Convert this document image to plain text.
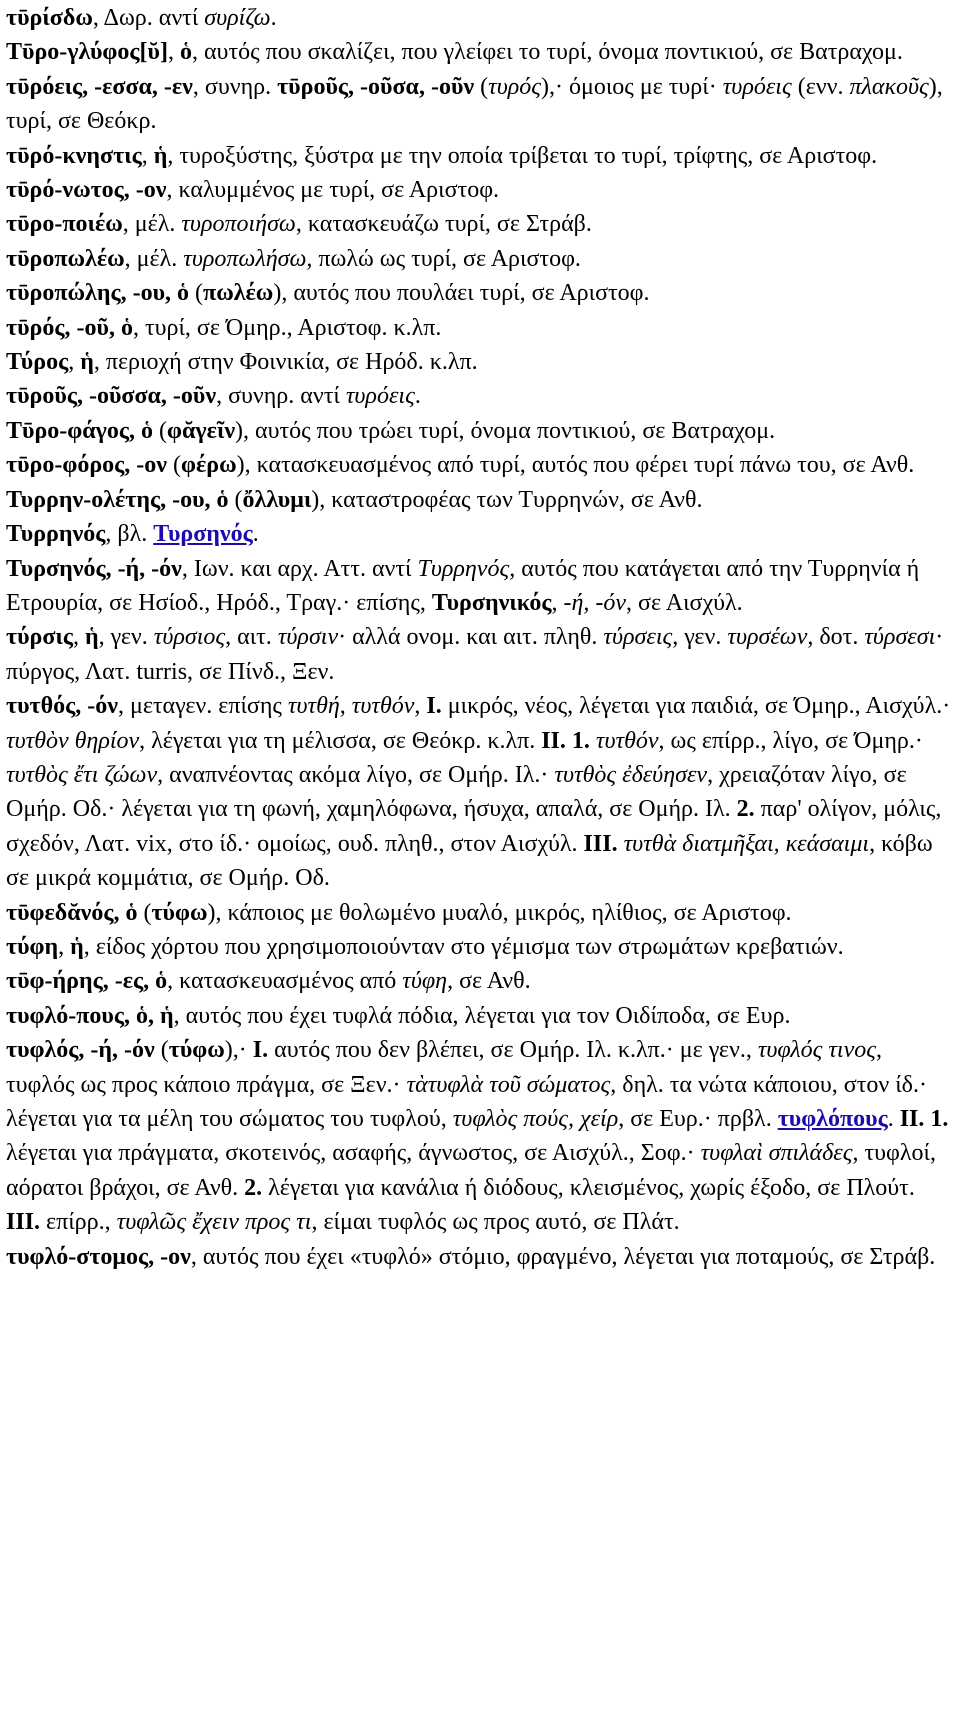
τῡρίσδω, Δωρ. αντί συρίζω.

Τῡρο-γλύφος[ῠ], ὁ, αυτός που σκαλίζει, που γλείφει το τυρί, όνομα ποντικιού, σε Βατραχομ.

τῡρόεις, -εσσα, -εν, συνηρ. τῡροῦς, -οῦσα, -οῦν (τυρός),· όμοιος με τυρί· τυρόεις (ενν. πλακοῦς), τυρί, σε Θεόκρ.

τῡρό-κνηστις, ἡ, τυροξύστης, ξύστρα με την οποία τρίβεται το τυρί, τρίφτης, σε Αριστοφ.

τῡρό-νωτος, -ον, καλυμμένος με τυρί, σε Αριστοφ.

τῡρο-ποιέω, μέλ. τυροποιήσω, κατασκευάζω τυρί, σε Στράβ.

τῡροπωλέω, μέλ. τυροπωλήσω, πωλώ ως τυρί, σε Αριστοφ.

τῡροπώλης, -ου, ὁ (πωλέω), αυτός που πουλάει τυρί, σε Αριστοφ.

τῡρός, -οῦ, ὁ, τυρί, σε Όμηρ., Αριστοφ. κ.λπ.

Τύρος, ἡ, περιοχή στην Φοινικία, σε Ηρόδ. κ.λπ.

τῡροῦς, -οῦσσα, -οῦν, συνηρ. αντί τυρόεις.

Τῡρο-φάγος, ὁ (φᾰγεῖν), αυτός που τρώει τυρί, όνομα ποντικιού, σε Βατραχομ.

τῡρο-φόρος, -ον (φέρω), κατασκευασμένος από τυρί, αυτός που φέρει τυρί πάνω του, σε Ανθ.

Τυρρην-ολέτης, -ου, ὁ (ὄλλυμι), καταστροφέας των Τυρρηνών, σε Ανθ.

Τυρρηνός, βλ. Τυρσηνός.

Τυρσηνός, -ή, -όν, Ιων. και αρχ. Αττ. αντί Τυρρηνός, αυτός που κατάγεται από την Τυρρηνία ή Ετρουρία, σε Ησίοδ., Ηρόδ., Τραγ.· επίσης, Τυρσηνικός, -ή, -όν, σε Αισχύλ.

τύρσις, ἡ, γεν. τύρσιος, αιτ. τύρσιν· αλλά ονομ. και αιτ. πληθ. τύρσεις, γεν. τυρσέων, δοτ. τύρσεσι· πύργος, Λατ. turris, σε Πίνδ., Ξεν.

τυτθός, -όν, μεταγεν. επίσης τυτθή, τυτθόν, I. μικρός, νέος, λέγεται για παιδιά, σε Όμηρ., Αισχύλ.· τυτθὸν θηρίον, λέγεται για τη μέλισσα, σε Θεόκρ. κ.λπ. II. 1. τυτθόν, ως επίρρ., λίγο, σε Όμηρ.· τυτθὸς ἔτι ζώων, αναπνέοντας ακόμα λίγο, σε Ομήρ. Ιλ.· τυτθὸς ἐδεύησεν, χρειαζόταν λίγο, σε Ομήρ. Οδ.· λέγεται για τη φωνή, χαμηλόφωνα, ήσυχα, απαλά, σε Ομήρ. Ιλ. 2. παρ' ολίγον, μόλις, σχεδόν, Λατ. vix, στο ίδ.· ομοίως, ουδ. πληθ., στον Αισχύλ. III. τυτθὰ διατμῆξαι, κεάσαιμι, κόβω σε μικρά κομμάτια, σε Ομήρ. Οδ.

τῡφεδᾰνός, ὁ (τύφω), κάποιος με θολωμένο μυαλό, μικρός, ηλίθιος, σε Αριστοφ.

τύφη, ἡ, είδος χόρτου που χρησιμοποιούνταν στο γέμισμα των στρωμάτων κρεβατιών.

τῡφ-ήρης, -ες, ὁ, κατασκευασμένος από τύφη, σε Ανθ.

τυφλό-πους, ὁ, ἡ, αυτός που έχει τυφλά πόδια, λέγεται για τον Οιδίποδα, σε Ευρ.

τυφλός, -ή, -όν (τύφω),· I. αυτός που δεν βλέπει, σε Ομήρ. Ιλ. κ.λπ.· με γεν., τυφλός τινος, τυφλός ως προς κάποιο πράγμα, σε Ξεν.· τὰτυφλὰ τοῦ σώματος, δηλ. τα νώτα κάποιου, στον ίδ.· λέγεται για τα μέλη του σώματος του τυφλού, τυφλὸς πούς, χείρ, σε Ευρ.· πρβλ. τυφλόπους. II. 1. λέγεται για πράγματα, σκοτεινός, ασαφής, άγνωστος, σε Αισχύλ., Σοφ.· τυφλαὶ σπιλάδες, τυφλοί, αόρατοι βράχοι, σε Ανθ. 2. λέγεται για κανάλια ή διόδους, κλεισμένος, χωρίς έξοδο, σε Πλούτ. III. επίρρ., τυφλῶς ἔχειν προς τι, είμαι τυφλός ως προς αυτό, σε Πλάτ.

τυφλό-στομος, -ον, αυτός που έχει «τυφλό» στόμιο, φραγμένο, λέγεται για ποταμούς, σε Στράβ.
